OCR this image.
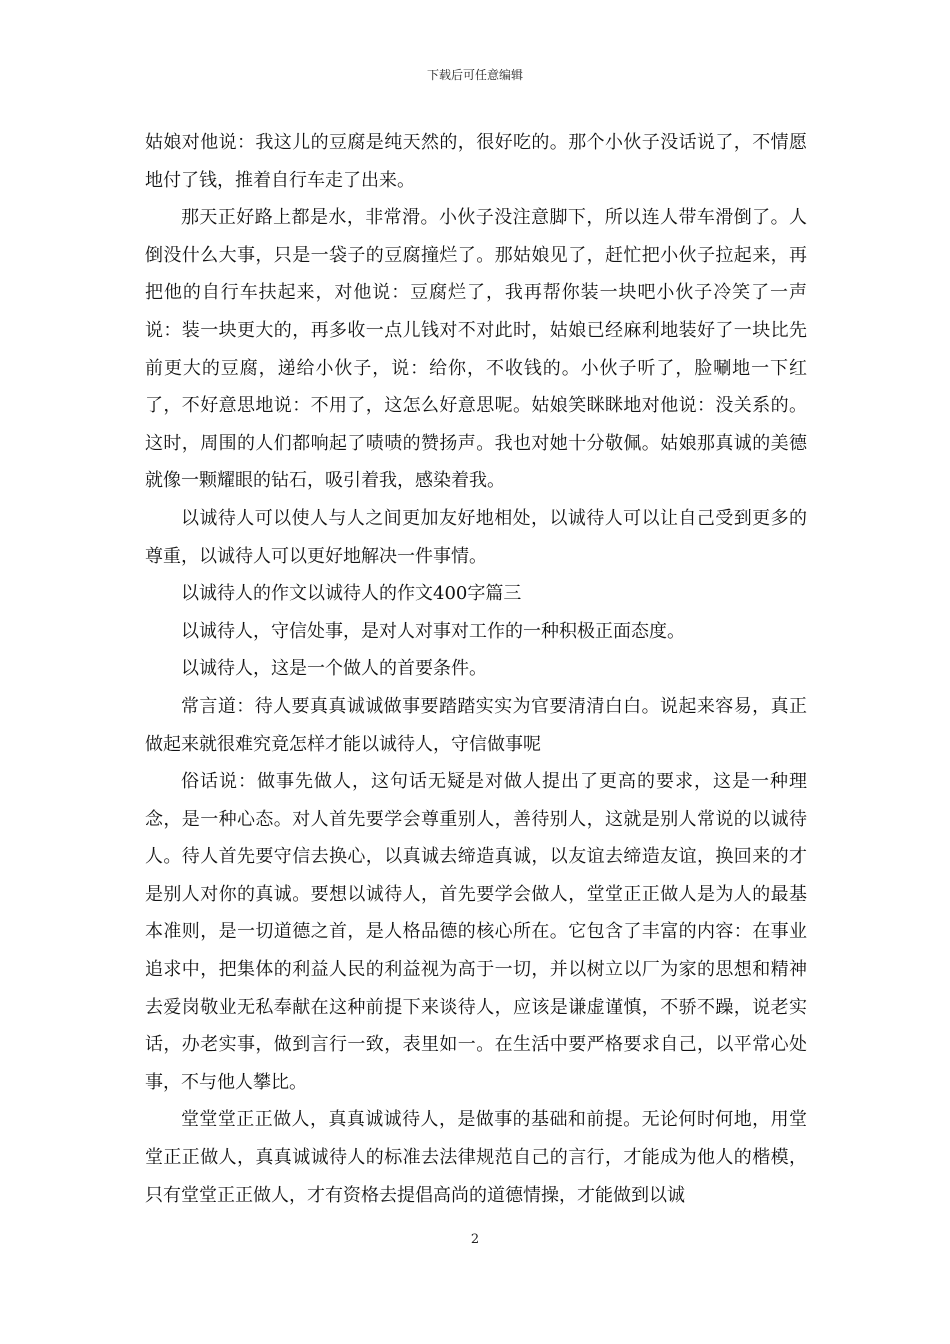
下载后可任意编辑

姑娘对他说：我这儿的豆腐是纯天然的，很好吃的。那个小伙子没话说了，不情愿地付了钱，推着自行车走了出来。

那天正好路上都是水，非常滑。小伙子没注意脚下，所以连人带车滑倒了。人倒没什么大事，只是一袋子的豆腐撞烂了。那姑娘见了，赶忙把小伙子拉起来，再把他的自行车扶起来，对他说：豆腐烂了，我再帮你装一块吧小伙子冷笑了一声说：装一块更大的，再多收一点儿钱对不对此时，姑娘已经麻利地装好了一块比先前更大的豆腐，递给小伙子，说：给你，不收钱的。小伙子听了，脸唰地一下红了，不好意思地说：不用了，这怎么好意思呢。姑娘笑眯眯地对他说：没关系的。这时，周围的人们都响起了啧啧的赞扬声。我也对她十分敬佩。姑娘那真诚的美德就像一颗耀眼的钻石，吸引着我，感染着我。

以诚待人可以使人与人之间更加友好地相处，以诚待人可以让自己受到更多的尊重，以诚待人可以更好地解决一件事情。

以诚待人的作文以诚待人的作文400字篇三

以诚待人，守信处事，是对人对事对工作的一种积极正面态度。

以诚待人，这是一个做人的首要条件。

常言道：待人要真真诚诚做事要踏踏实实为官要清清白白。说起来容易，真正做起来就很难究竟怎样才能以诚待人，守信做事呢

俗话说：做事先做人，这句话无疑是对做人提出了更高的要求，这是一种理念，是一种心态。对人首先要学会尊重别人，善待别人，这就是别人常说的以诚待人。待人首先要守信去换心，以真诚去缔造真诚，以友谊去缔造友谊，换回来的才是别人对你的真诚。要想以诚待人，首先要学会做人，堂堂正正做人是为人的最基本准则，是一切道德之首，是人格品德的核心所在。它包含了丰富的内容：在事业追求中，把集体的利益人民的利益视为高于一切，并以树立以厂为家的思想和精神去爱岗敬业无私奉献在这种前提下来谈待人，应该是谦虚谨慎，不骄不躁，说老实话，办老实事，做到言行一致，表里如一。在生活中要严格要求自己，以平常心处事，不与他人攀比。

堂堂堂正正做人，真真诚诚待人，是做事的基础和前提。无论何时何地，用堂堂正正做人，真真诚诚待人的标准去法律规范自己的言行，才能成为他人的楷模，只有堂堂正正做人，才有资格去提倡高尚的道德情操，才能做到以诚

2
